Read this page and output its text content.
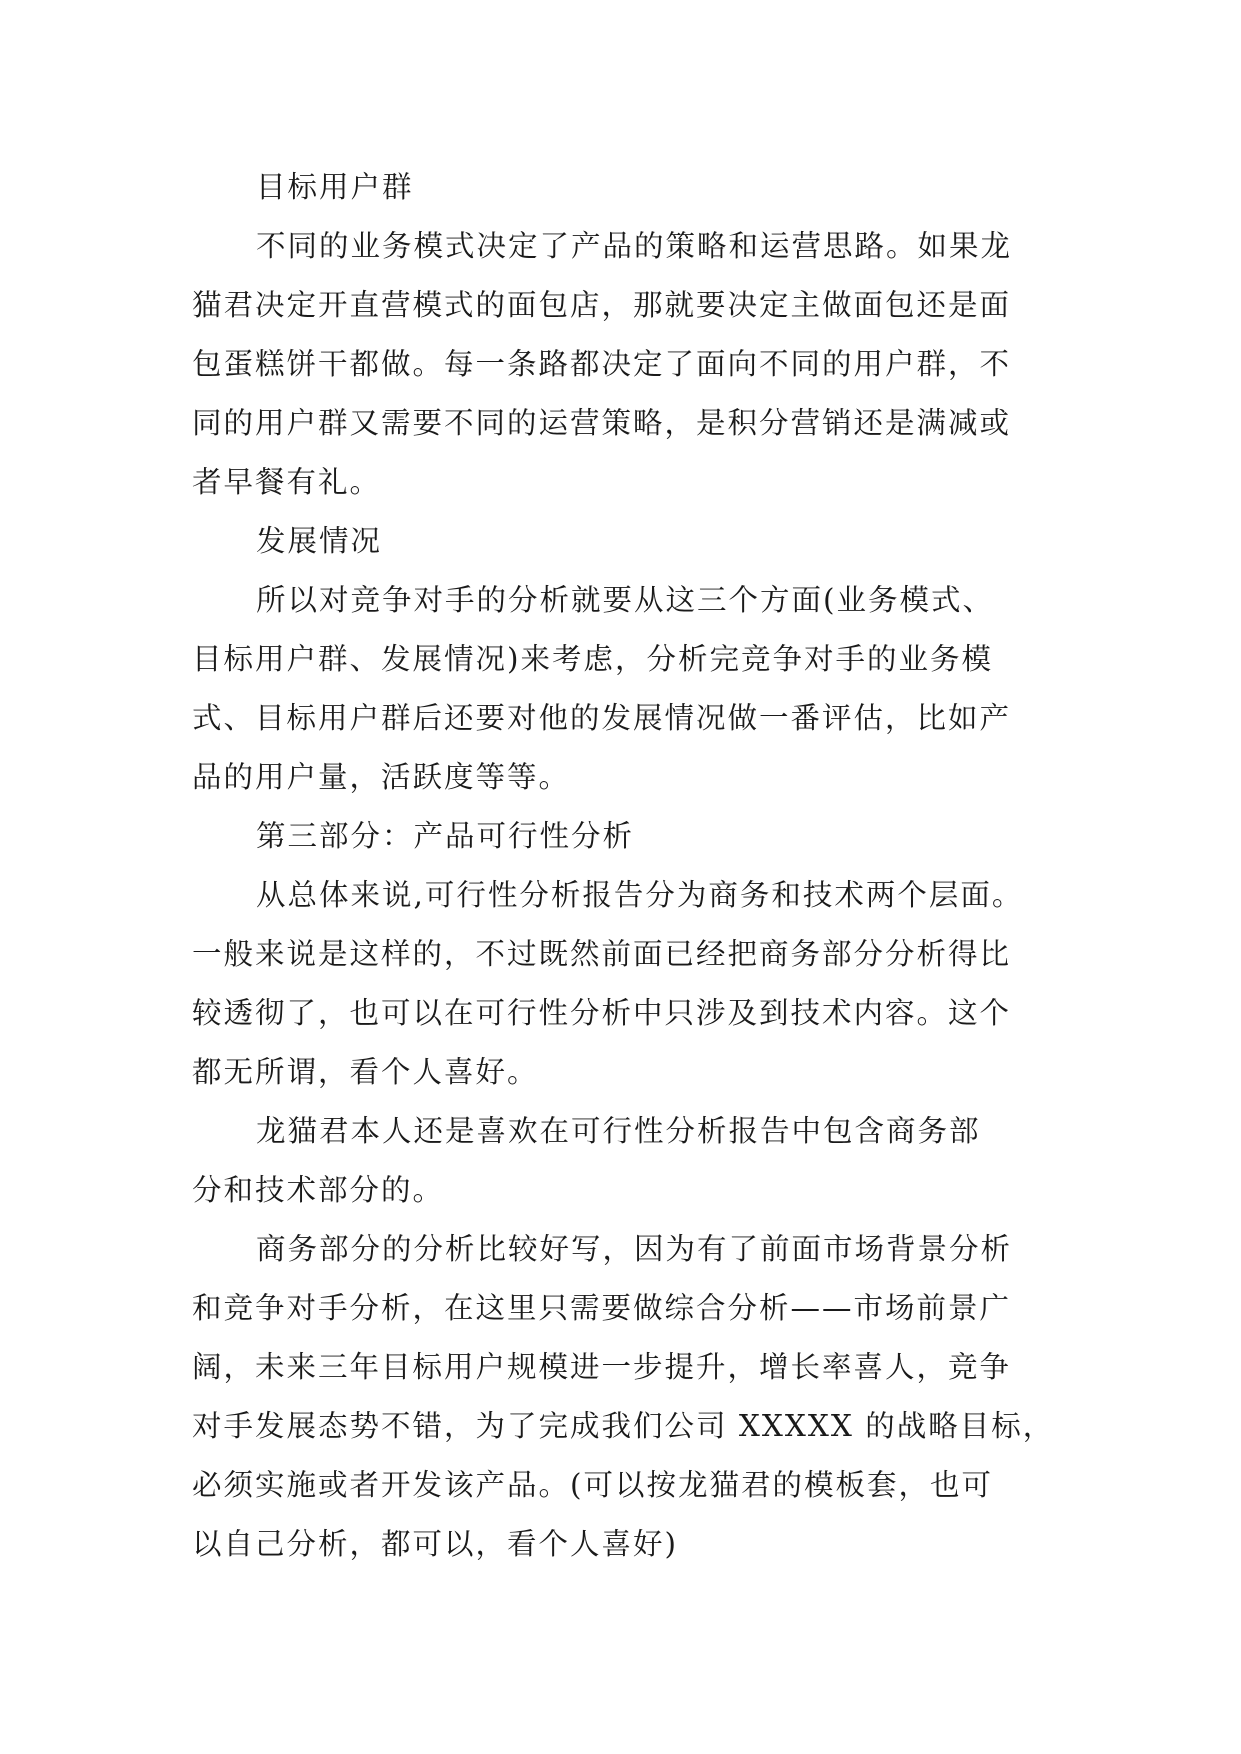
目标用户群
不同的业务模式决定了产品的策略和运营思路。如果龙
猫君决定开直营模式的面包店，那就要决定主做面包还是面
包蛋糕饼干都做。每一条路都决定了面向不同的用户群，不
同的用户群又需要不同的运营策略，是积分营销还是满减或
者早餐有礼。
发展情况
所以对竞争对手的分析就要从这三个方面(业务模式、
目标用户群、发展情况)来考虑，分析完竞争对手的业务模
式、目标用户群后还要对他的发展情况做一番评估，比如产
品的用户量，活跃度等等。
第三部分：产品可行性分析
从总体来说,可行性分析报告分为商务和技术两个层面。
一般来说是这样的，不过既然前面已经把商务部分分析得比
较透彻了，也可以在可行性分析中只涉及到技术内容。这个
都无所谓，看个人喜好。
龙猫君本人还是喜欢在可行性分析报告中包含商务部
分和技术部分的。
商务部分的分析比较好写，因为有了前面市场背景分析
和竞争对手分析，在这里只需要做综合分析——市场前景广
阔，未来三年目标用户规模进一步提升，增长率喜人，竞争
对手发展态势不错，为了完成我们公司 XXXXX 的战略目标，
必须实施或者开发该产品。(可以按龙猫君的模板套，也可
以自己分析，都可以，看个人喜好)
